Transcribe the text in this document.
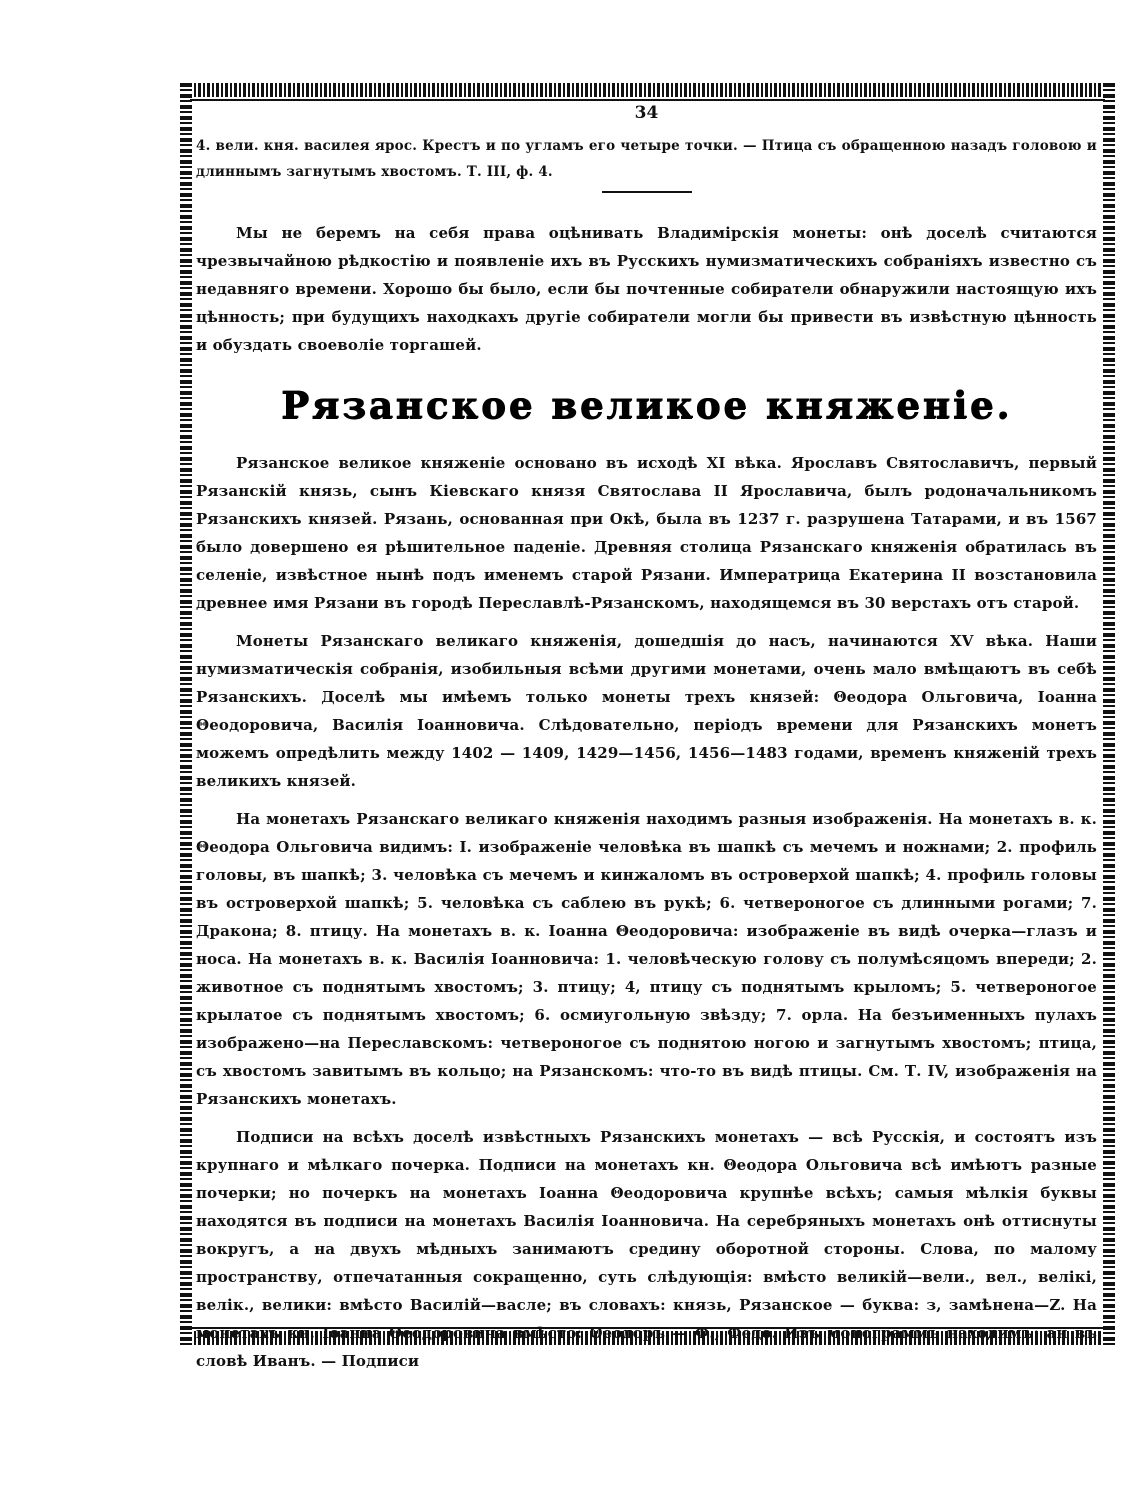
34
4. вели. кня. василея ярос. Крестъ и по угламъ его четыре точки. — Птица съ обращенною назадъ головою и длиннымъ загнутымъ хвостомъ. Т. III, ф. 4.

Мы не беремъ на себя права оцѣнивать Владимiрскiя монеты: онѣ доселѣ считаются чрезвычайною рѣдкостiю и появленiе ихъ въ Русскихъ нумизматическихъ собранiяхъ известно съ недавняго времени. Хорошо бы было, если бы почтенные собиратели обнаружили настоящую ихъ цѣнность; при будущихъ находкахъ другiе собиратели могли бы привести въ извѣстную цѣнность и обуздать своеволiе торгашей.

Рязанское великое княженiе.

Рязанское великое княженiе основано въ исходѣ XI вѣка. Ярославъ Святославичъ, первый Рязанскiй князь, сынъ Кiевскаго князя Святослава II Ярославича, былъ родоначальникомъ Рязанскихъ князей. Рязань, основанная при Окѣ, была въ 1237 г. разрушена Татарами, и въ 1567 было довершено ея рѣшительное паденiе. Древняя столица Рязанскаго княженiя обратилась въ селенiе, извѣстное нынѣ подъ именемъ старой Рязани. Императрица Екатерина II возстановила древнее имя Рязани въ городѣ Переславлѣ-Рязанскомъ, находящемся въ 30 верстахъ отъ старой.

Монеты Рязанскаго великаго княженiя, дошедшiя до насъ, начинаются XV вѣка. Наши нумизматическiя собранiя, изобильныя всѣми другими монетами, очень мало вмѣщаютъ въ себѣ Рязанскихъ. Доселѣ мы имѣемъ только монеты трехъ князей: Θеодора Ольговича, Iоанна Θеодоровича, Василiя Iоанновича. Слѣдовательно, перiодъ времени для Рязанскихъ монетъ можемъ опредѣлить между 1402 — 1409, 1429—1456, 1456—1483 годами, временъ княженiй трехъ великихъ князей.

На монетахъ Рязанскаго великаго княженiя находимъ разныя изображенiя. На монетахъ в. к. Θеодора Ольговича видимъ: I. изображенiе человѣка въ шапкѣ съ мечемъ и ножнами; 2. профиль головы, въ шапкѣ; 3. человѣка съ мечемъ и кинжаломъ въ островерхой шапкѣ; 4. профиль головы въ островерхой шапкѣ; 5. человѣка съ саблею въ рукѣ; 6. четвероногое съ длинными рогами; 7. Дракона; 8. птицу. На монетахъ в. к. Iоанна Θеодоровича: изображенiе въ видѣ очерка—глазъ и носа. На монетахъ в. к. Василiя Iоанновича: 1. человѣческую голову съ полумѣсяцомъ впереди; 2. животное съ поднятымъ хвостомъ; 3. птицу; 4, птицу съ поднятымъ крыломъ; 5. четвероногое крылатое съ поднятымъ хвостомъ; 6. осмиугольную звѣзду; 7. орла. На безъименныхъ пулахъ изображено—на Переславскомъ: четвероногое съ поднятою ногою и загнутымъ хвостомъ; птица, съ хвостомъ завитымъ въ кольцо; на Рязанскомъ: что-то въ видѣ птицы. См. Т. IV, изображенiя на Рязанскихъ монетахъ.

Подписи на всѣхъ доселѣ извѣстныхъ Рязанскихъ монетахъ — всѣ Русскiя, и состоятъ изъ крупнаго и мѣлкаго почерка. Подписи на монетахъ кн. Θеодора Ольговича всѣ имѣютъ разные почерки; но почеркъ на монетахъ Iоанна Θеодоровича крупнѣе всѣхъ; самыя мѣлкiя буквы находятся въ подписи на монетахъ Василiя Iоанновича. На серебряныхъ монетахъ онѣ оттиснуты вокругъ, а на двухъ мѣдныхъ занимаютъ средину оборотной стороны. Слова, по малому пространству, отпечатанныя сокращенно, суть слѣдующiя: вмѣсто великiй—вели., вел., велiкi, велiк., велики: вмѣсто Василiй—васле; въ словахъ: князь, Рязанское — буква: з, замѣнена—Z. На монетахъ кн. Iоанна Θеодоровича вмѣсто: Θеодоръ — Ф., Федо. Изъ монограммъ находимъ: ан въ словѣ Иванъ. — Подписи
